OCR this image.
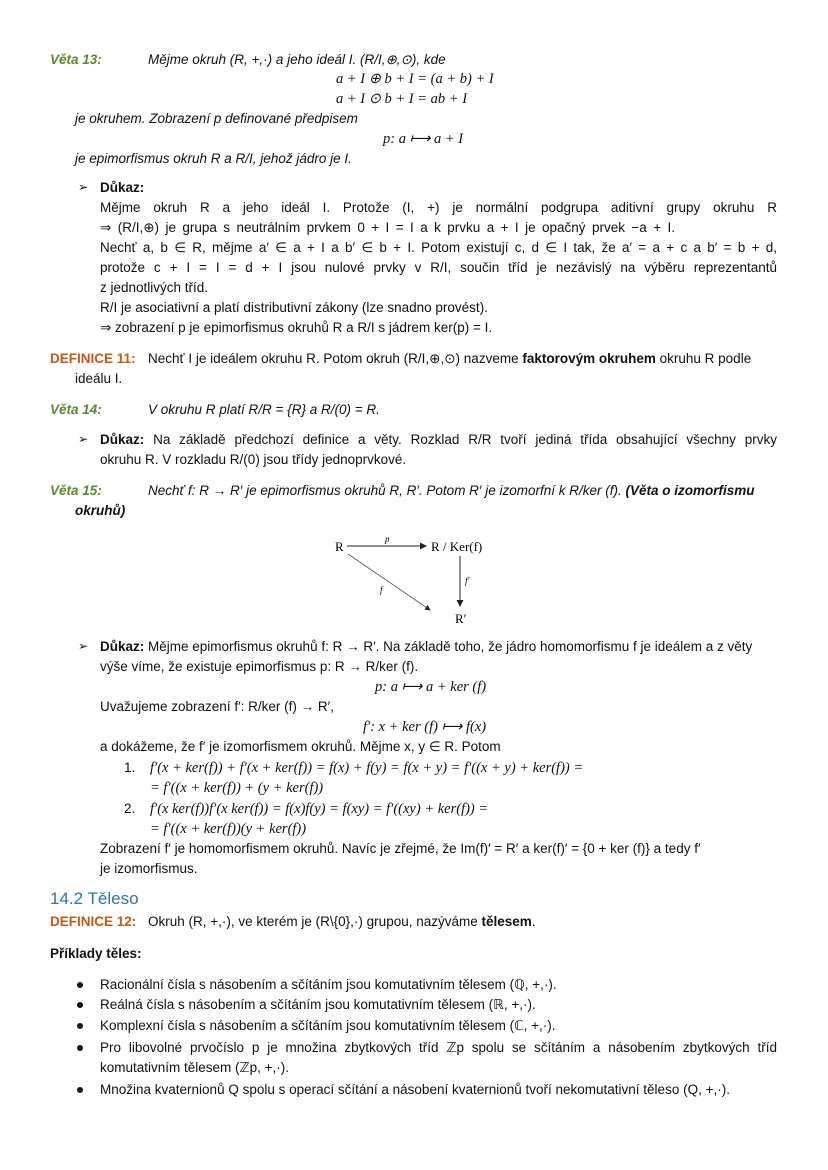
Věta 13:	Mějme okruh (R, +,·) a jeho ideál I. (R/I,⊕,⊙), kde
a + I ⊕ b + I = (a + b) + I
a + I ⊙ b + I = ab + I
je okruhem. Zobrazení p definované předpisem
p: a ⟼ a + I
je epimorfismus okruh R a R/I, jehož jádro je I.
➢ Důkaz:
Mějme okruh R a jeho ideál I. Protože (I, +) je normální podgrupa aditivní grupy okruhu R
⇒ (R/I,⊕) je grupa s neutrálním prvkem 0 + I = I a k prvku a + I je opačný prvek −a + I.
Nechť a, b ∈ R, mějme a′ ∈ a + I a b′ ∈ b + I. Potom existují c, d ∈ I tak, že a′ = a + c a b′ = b + d,
protože c + I = I = d + I jsou nulové prvky v R/I, součin tříd je nezávislý na výběru reprezentantů
z jednotlivých tříd.
R/I je asociativní a platí distributivní zákony (lze snadno provést).
⇒ zobrazení p je epimorfismus okruhů R a R/I s jádrem ker(p) = I.
DEFINICE 11: Nechť I je ideálem okruhu R. Potom okruh (R/I,⊕,⊙) nazveme faktorovým okruhem okruhu R podle
ideálu I.
Věta 14:	V okruhu R platí R/R = {R} a R/(0) = R.
➢ Důkaz: Na základě předchozí definice a věty. Rozklad R/R tvoří jediná třída obsahující všechny prvky
okruhu R. V rozkladu R/(0) jsou třídy jednoprvkové.
Věta 15:	Nechť f: R → R′ je epimorfismus okruhů R, R′. Potom R′ je izomorfní k R/ker (f). (Věta o izomorfismu
okruhů)
R	R / Ker(f)
R′
p
f
f′
➢ Důkaz: Mějme epimorfismus okruhů f: R → R′. Na základě toho, že jádro homomorfismu f je ideálem a z věty
výše víme, že existuje epimorfismus p: R → R/ker (f).
p: a ⟼ a + ker (f)
Uvažujeme zobrazení f′: R/ker (f) → R′,
f′: x + ker (f) ⟼ f(x)
a dokážeme, že f′ je izomorfismem okruhů. Mějme x, y ∈ R. Potom
1. f′(x + ker(f)) + f′(x + ker(f)) = f(x) + f(y) = f(x + y) = f′((x + y) + ker(f)) =
= f′((x + ker(f)) + (y + ker(f))
2. f′(x ker(f))f′(x ker(f)) = f(x)f(y) = f(xy) = f′((xy) + ker(f)) =
= f′((x + ker(f))(y + ker(f))
Zobrazení f′ je homomorfismem okruhů. Navíc je zřejmé, že Im(f)′ = R′ a ker(f)′ = {0 + ker (f)} a tedy f′
je izomorfismus.
14.2 Těleso
DEFINICE 12: Okruh (R, +,·), ve kterém je (R\{0},·) grupou, nazýváme tělesem.
Příklady těles:
Racionální čísla s násobením a sčítáním jsou komutativním tělesem (ℚ, +,·).
Reálná čísla s násobením a sčítáním jsou komutativním tělesem (ℝ, +,·).
Komplexní čísla s násobením a sčítáním jsou komutativním tělesem (ℂ, +,·).
Pro libovolné prvočíslo p je množina zbytkových tříd ℤp spolu se sčítáním a násobením zbytkových tříd
komutativním tělesem (ℤp, +,·).
Množina kvaternionů Q spolu s operací sčítání a násobení kvaternionů tvoří nekomutativní těleso (Q, +,·).
